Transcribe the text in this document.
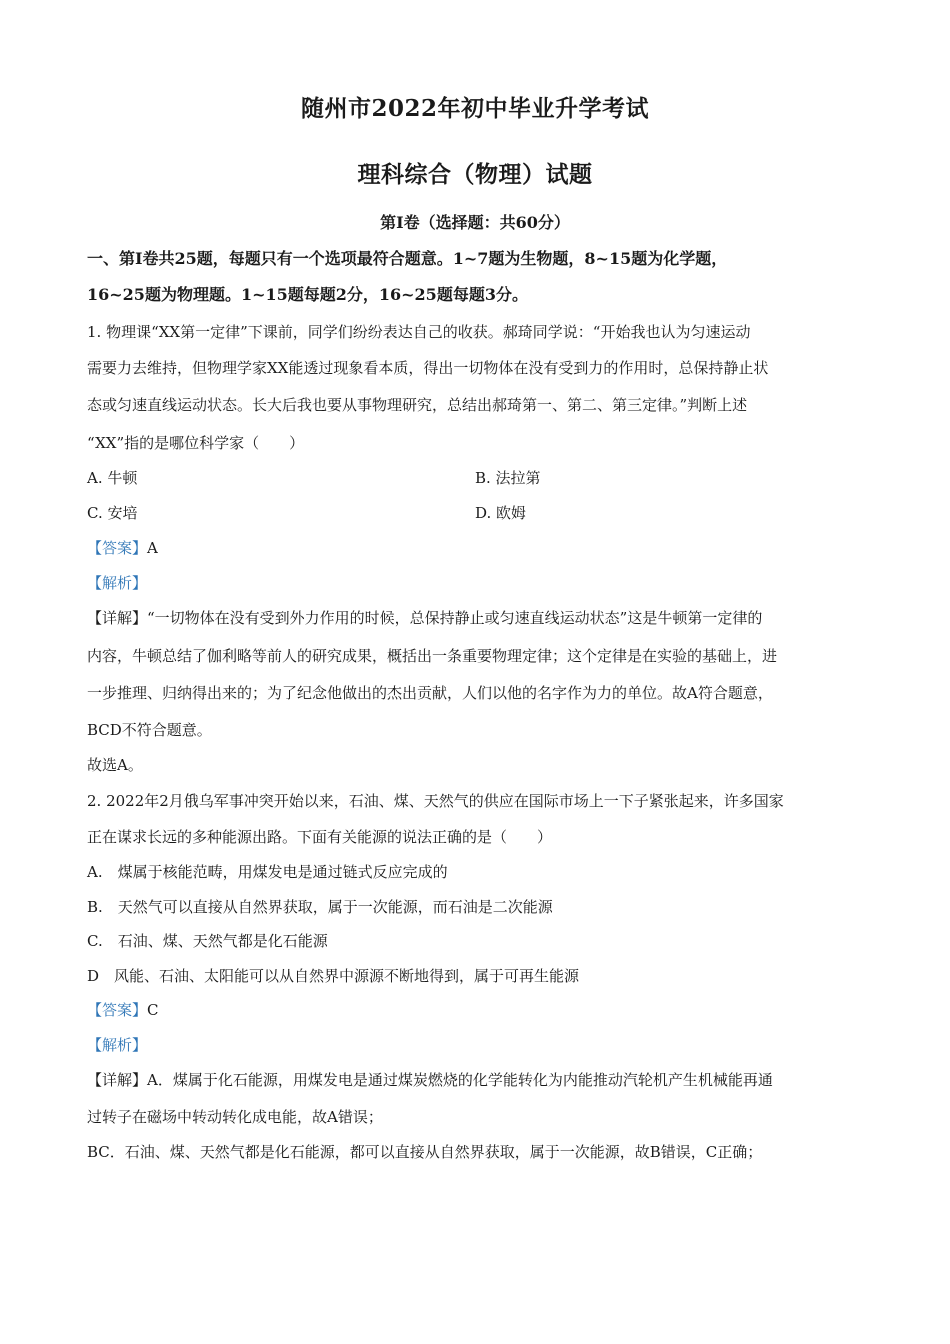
随州市2022年初中毕业升学考试
理科综合（物理）试题
第I卷（选择题：共60分）
一、第I卷共25题，每题只有一个选项最符合题意。1~7题为生物题，8~15题为化学题，
16~25题为物理题。1~15题每题2分，16~25题每题3分。
1. 物理课“XX第一定律”下课前，同学们纷纷表达自己的收获。郝琦同学说：“开始我也认为匀速运动
需要力去维持，但物理学家XX能透过现象看本质，得出一切物体在没有受到力的作用时，总保持静止状
态或匀速直线运动状态。长大后我也要从事物理研究，总结出郝琦第一、第二、第三定律。”判断上述
“XX”指的是哪位科学家（　　）
A. 牛顿	B. 法拉第
C. 安培	D. 欧姆
【答案】A
【解析】
【详解】“一切物体在没有受到外力作用的时候，总保持静止或匀速直线运动状态”这是牛顿第一定律的
内容，牛顿总结了伽利略等前人的研究成果，概括出一条重要物理定律；这个定律是在实验的基础上，进
一步推理、归纳得出来的；为了纪念他做出的杰出贡献，人们以他的名字作为力的单位。故A符合题意，
BCD不符合题意。
故选A。
2. 2022年2月俄乌军事冲突开始以来，石油、煤、天然气的供应在国际市场上一下子紧张起来，许多国家
正在谋求长远的多种能源出路。下面有关能源的说法正确的是（　　）
A.　煤属于核能范畴，用煤发电是通过链式反应完成的
B.　天然气可以直接从自然界获取，属于一次能源，而石油是二次能源
C.　石油、煤、天然气都是化石能源
D　风能、石油、太阳能可以从自然界中源源不断地得到，属于可再生能源
【答案】C
【解析】
【详解】A．煤属于化石能源，用煤发电是通过煤炭燃烧的化学能转化为内能推动汽轮机产生机械能再通
过转子在磁场中转动转化成电能，故A错误；
BC．石油、煤、天然气都是化石能源，都可以直接从自然界获取，属于一次能源，故B错误，C正确；
